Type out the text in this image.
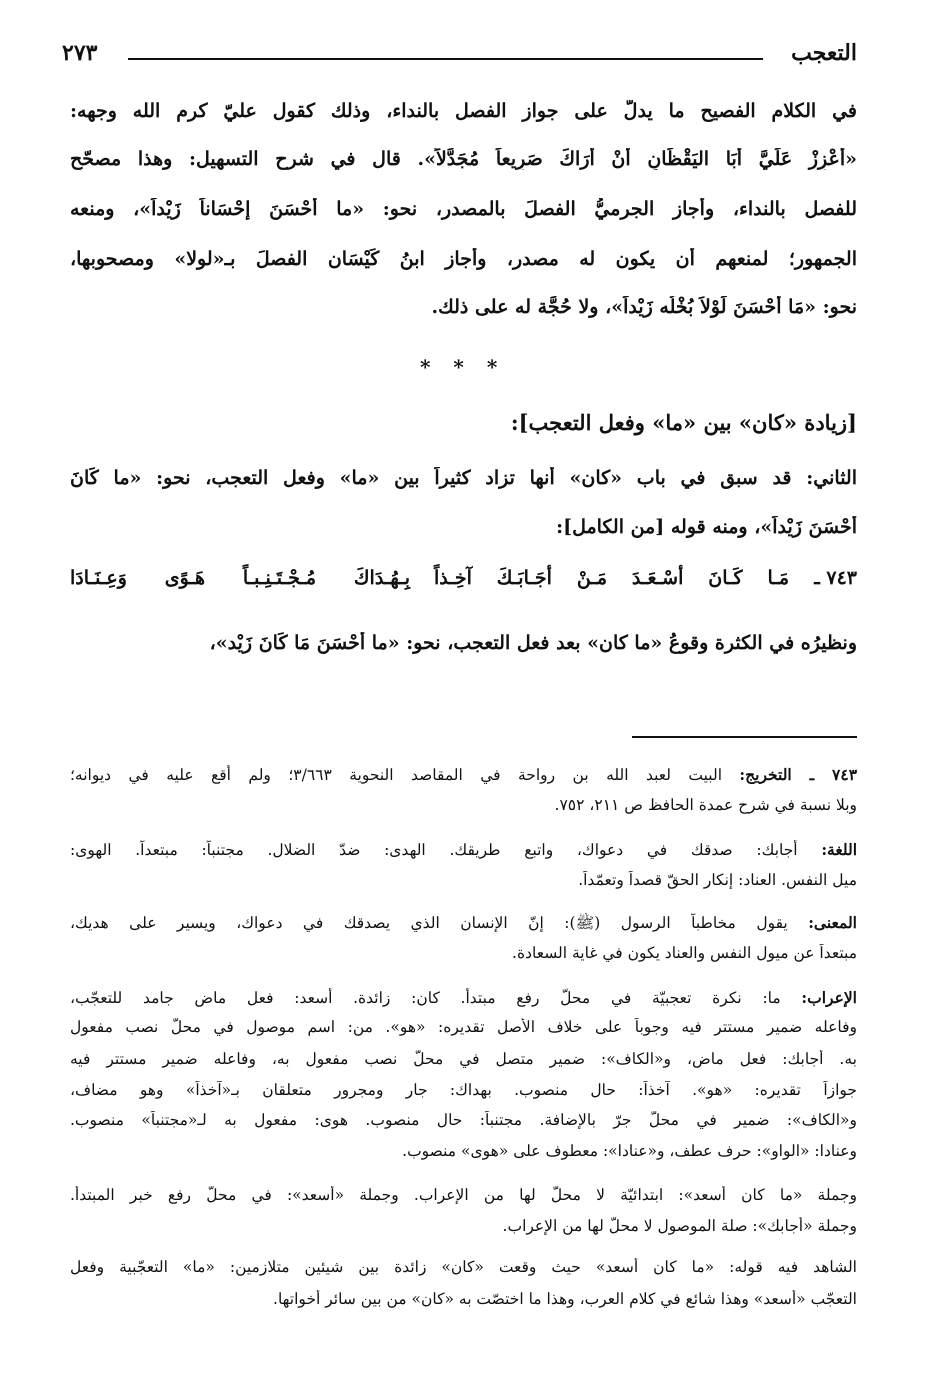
التعجب
٢٧٣
في الكلام الفصيح ما يدلُّ على جواز الفصل بالنداء، وذلك كقول عليّ كرم الله وجهه:
«أعْزِزْ عَلَيَّ أبَا اليَقْظَانِ أنْ أرَاكَ صَرِيعاً مُجَدَّلاً». قال في شرح التسهيل: وهذا مصحّح
للفصل بالنداء، وأجاز الجرميُّ الفصلَ بالمصدر، نحو: «ما أحْسَنَ إحْسَاناً زَيْداً»، ومنعه
الجمهور؛ لمنعهم أن يكون له مصدر، وأجاز ابنُ كَيْسَان الفصلَ بـ«لولا» ومصحوبها،
نحو: «مَا أحْسَنَ لَوْلاَ بُخْلُه زَيْداً»، ولا حُجَّة له على ذلك.
* * *
[زيادة «كان» بين «ما» وفعل التعجب]:
الثاني: قد سبق في باب «كان» أنها تزاد كثيراً بين «ما» وفعل التعجب، نحو: «ما كَانَ
أحْسَنَ زَيْداً»، ومنه قوله [من الكامل]:
٧٤٣ ـ
مَـا كَـانَ أسْـعَـدَ مَـنْ أجَـابَـكَ آخِـذاً
بِـهُـدَاكَ مُـجْـتَـنِـبـاً هَـوًى وَعِـنَـادَا
ونظيرُه في الكثرة وقوعُ «ما كان» بعد فعل التعجب، نحو: «ما أحْسَنَ مَا كَانَ زَيْد»،
٧٤٣ ـ التخريج: البيت لعبد الله بن رواحة في المقاصد النحوية ٣/٦٦٣؛ ولم أقع عليه في ديوانه؛
وبلا نسبة في شرح عمدة الحافظ ص ٢١١، ٧٥٢.
اللغة: أجابك: صدقك في دعواك، واتبع طريقك. الهدى: ضدّ الضلال. مجتنباً: مبتعداً. الهوى:
ميل النفس. العناد: إنكار الحقّ قصداً وتعمّداً.
المعنى: يقول مخاطباً الرسول (ﷺ): إنّ الإنسان الذي يصدقك في دعواك، ويسير على هديك،
مبتعداً عن ميول النفس والعناد يكون في غاية السعادة.
الإعراب: ما: نكرة تعجبيّة في محلّ رفع مبتدأ. كان: زائدة. أسعد: فعل ماضٍ جامد للتعجّب،
وفاعله ضمير مستتر فيه وجوباً على خلاف الأصل تقديره: «هو». من: اسم موصول في محلّ نصب مفعول
به. أجابك: فعل ماضٍ، و«الكاف»: ضمير متصل في محلّ نصب مفعول به، وفاعله ضمير مستتر فيه
جوازاً تقديره: «هو». آخذاً: حال منصوب. بهداك: جار ومجرور متعلقان بـ«آخذاً» وهو مضاف،
و«الكاف»: ضمير في محلّ جرّ بالإضافة. مجتنباً: حال منصوب. هوى: مفعول به لـ«مجتنباً» منصوب.
وعنادا: «الواو»: حرف عطف، و«عنادا»: معطوف على «هوى» منصوب.
وجملة «ما كان أسعد»: ابتدائيّة لا محلّ لها من الإعراب. وجملة «أسعد»: في محلّ رفع خبر المبتدأ.
وجملة «أجابك»: صلة الموصول لا محلّ لها من الإعراب.
الشاهد فيه قوله: «ما كان أسعد» حيث وقعت «كان» زائدة بين شيئين متلازمين: «ما» التعجّبية وفعل
التعجّب «أسعد» وهذا شائع في كلام العرب، وهذا ما اختصّت به «كان» من بين سائر أخواتها.
